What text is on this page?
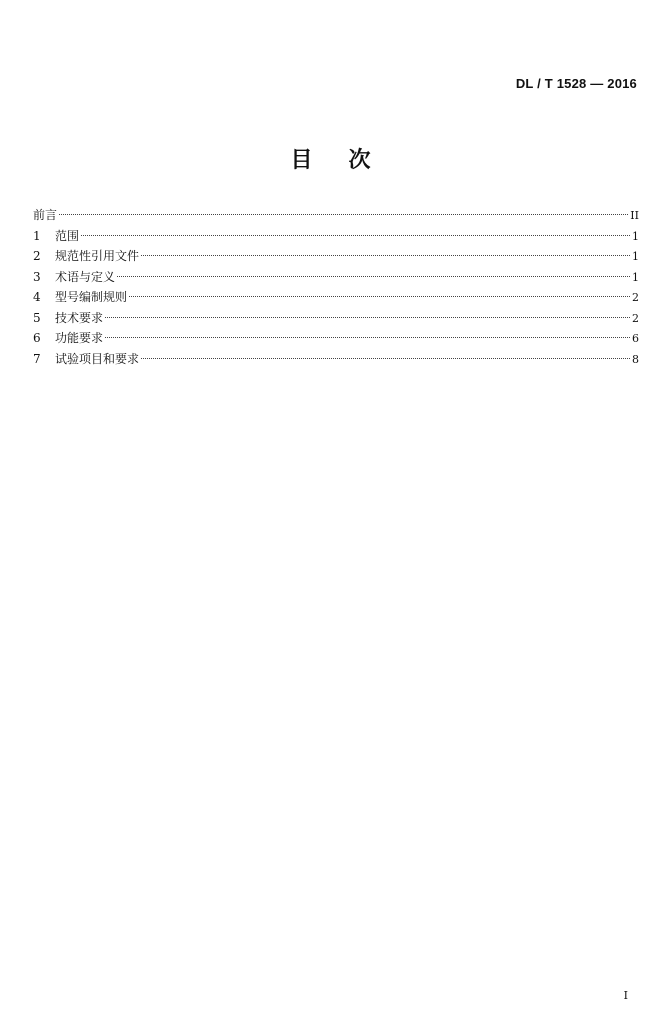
DL / T 1528 — 2016
目 次
前言	II
1	范围	1
2	规范性引用文件	1
3	术语与定义	1
4	型号编制规则	2
5	技术要求	2
6	功能要求	6
7	试验项目和要求	8
I
